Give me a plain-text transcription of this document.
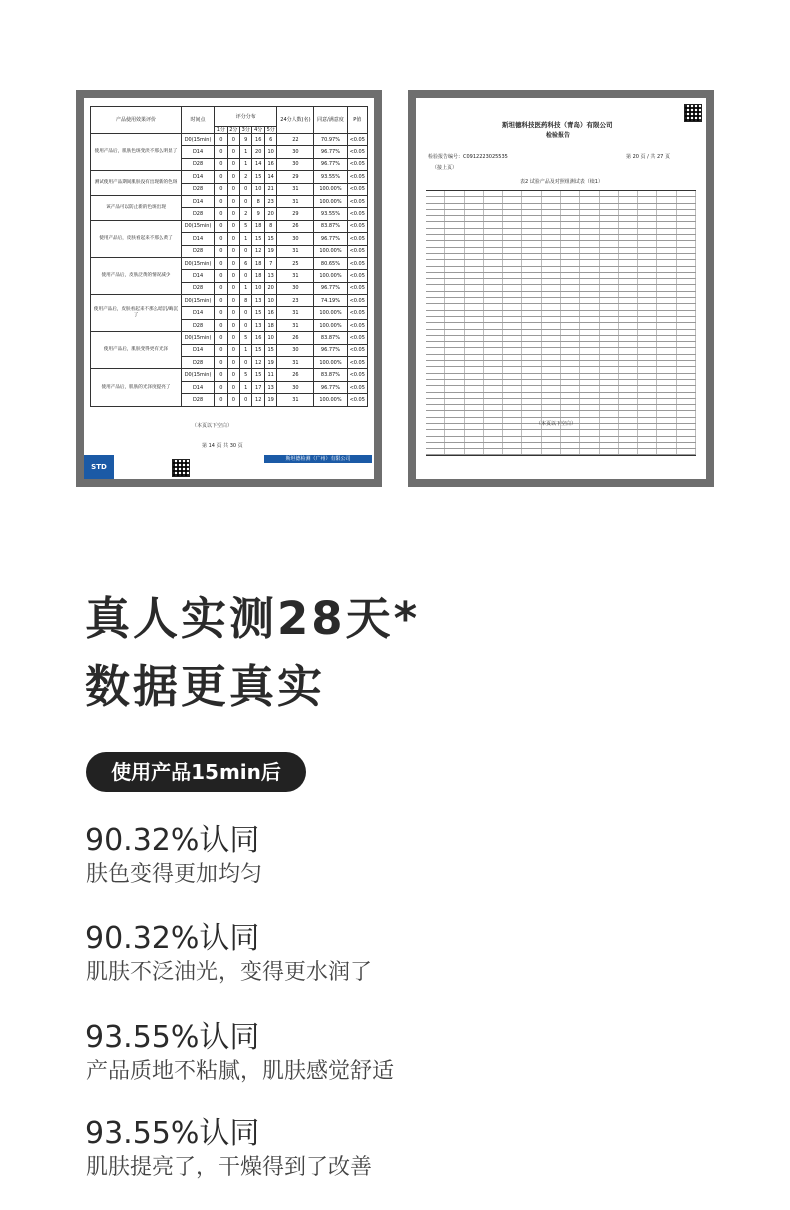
产品使用效果评价	时间点	评分分布					24分人数(名)	同意/满意度	P值
		1分	2分	3分	4分	5分			
使用产品后，肌肤色斑变淡不那么明显了	D0(15min)	0	0	9	16	6	22	70.97%	<0.05
	D14	0	0	1	20	10	30	96.77%	<0.05
	D28	0	0	1	14	16	30	96.77%	<0.05
测试使用产品期间肌肤没有出现新的色斑	D14	0	0	2	15	14	29	93.55%	<0.05
	D28	0	0	0	10	21	31	100.00%	<0.05
该产品可以防止新的色斑出现	D14	0	0	0	8	23	31	100.00%	<0.05
	D28	0	0	2	9	20	29	93.55%	<0.05
使用产品后，皮肤看起来不那么黄了	D0(15min)	0	0	5	18	8	26	83.87%	<0.05
	D14	0	0	1	15	15	30	96.77%	<0.05
	D28	0	0	0	12	19	31	100.00%	<0.05
使用产品后，皮肤泛黄的情况减少	D0(15min)	0	0	6	18	7	25	80.65%	<0.05
	D14	0	0	0	18	13	31	100.00%	<0.05
	D28	0	0	1	10	20	30	96.77%	<0.05
使用产品后，皮肤看起来不那么暗沉/晦沉了	D0(15min)	0	0	8	13	10	23	74.19%	<0.05
	D14	0	0	0	15	16	31	100.00%	<0.05
	D28	0	0	0	13	18	31	100.00%	<0.05
使用产品后，肌肤变得更有光泽	D0(15min)	0	0	5	16	10	26	83.87%	<0.05
	D14	0	0	1	15	15	30	96.77%	<0.05
	D28	0	0	0	12	19	31	100.00%	<0.05
使用产品后，肌肤的光泽度提亮了	D0(15min)	0	0	5	15	11	26	83.87%	<0.05
	D14	0	0	1	17	13	30	96.77%	<0.05
	D28	0	0	0	12	19	31	100.00%	<0.05
（本页以下空白）
第 14 页 共 30 页
STD
斯坦德检测（广州）有限公司
斯坦德科技医药科技（青岛）有限公司
检验报告
检验报告编号：C0912223025535	第 20 页 / 共 27 页
（接上页）
表2 试验产品及对照组测试表（续1）
（本页以下空白）
真人实测28天*
数据更真实
使用产品15min后
90.32%认同
肤色变得更加均匀
90.32%认同
肌肤不泛油光，变得更水润了
93.55%认同
产品质地不粘腻，肌肤感觉舒适
93.55%认同
肌肤提亮了，干燥得到了改善
